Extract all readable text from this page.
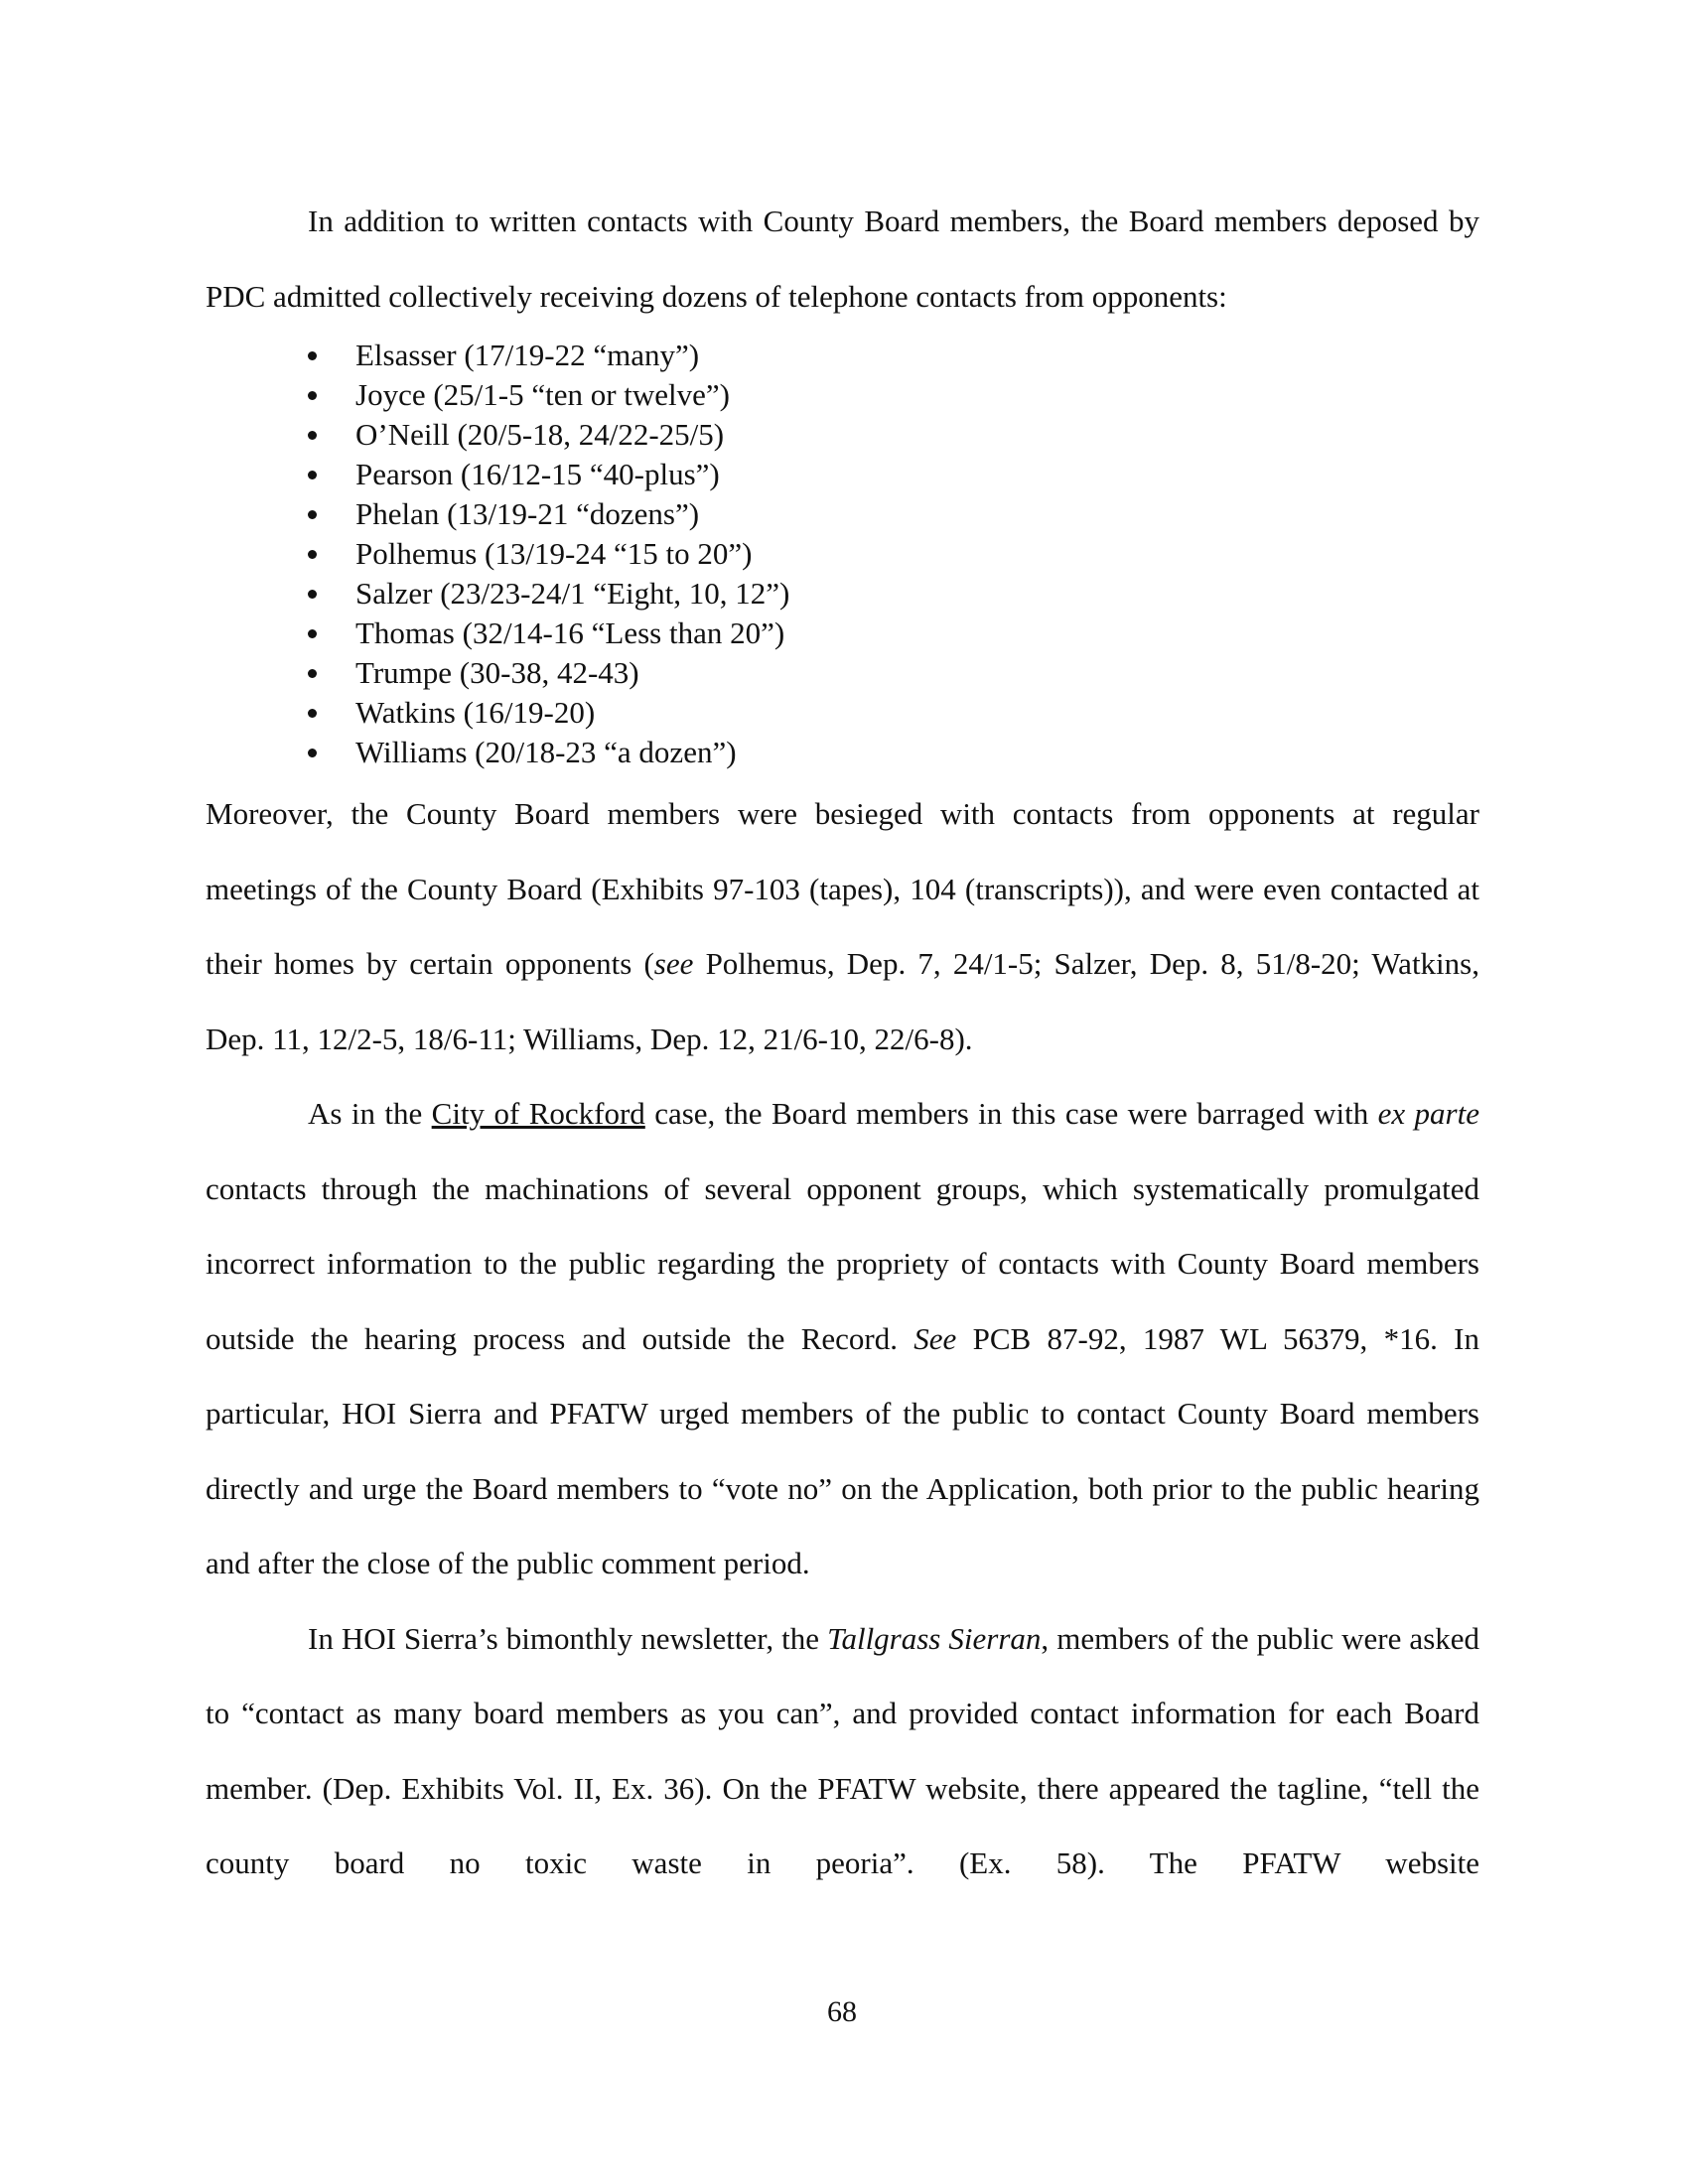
In addition to written contacts with County Board members, the Board members deposed by PDC admitted collectively receiving dozens of telephone contacts from opponents:

Elsasser (17/19-22 “many”)
Joyce (25/1-5 “ten or twelve”)
O’Neill (20/5-18, 24/22-25/5)
Pearson (16/12-15 “40-plus”)
Phelan (13/19-21 “dozens”)
Polhemus (13/19-24 “15 to 20”)
Salzer (23/23-24/1 “Eight, 10, 12”)
Thomas (32/14-16 “Less than 20”)
Trumpe (30-38, 42-43)
Watkins (16/19-20)
Williams (20/18-23 “a dozen”)

Moreover, the County Board members were besieged with contacts from opponents at regular meetings of the County Board (Exhibits 97-103 (tapes), 104 (transcripts)), and were even contacted at their homes by certain opponents (see Polhemus, Dep. 7, 24/1-5; Salzer, Dep. 8, 51/8-20; Watkins, Dep. 11, 12/2-5, 18/6-11; Williams, Dep. 12, 21/6-10, 22/6-8).

As in the City of Rockford case, the Board members in this case were barraged with ex parte contacts through the machinations of several opponent groups, which systematically promulgated incorrect information to the public regarding the propriety of contacts with County Board members outside the hearing process and outside the Record. See PCB 87-92, 1987 WL 56379, *16. In particular, HOI Sierra and PFATW urged members of the public to contact County Board members directly and urge the Board members to “vote no” on the Application, both prior to the public hearing and after the close of the public comment period.

In HOI Sierra’s bimonthly newsletter, the Tallgrass Sierran, members of the public were asked to “contact as many board members as you can”, and provided contact information for each Board member. (Dep. Exhibits Vol. II, Ex. 36). On the PFATW website, there appeared the tagline, “tell the county board no toxic waste in peoria”. (Ex. 58). The PFATW website

68
